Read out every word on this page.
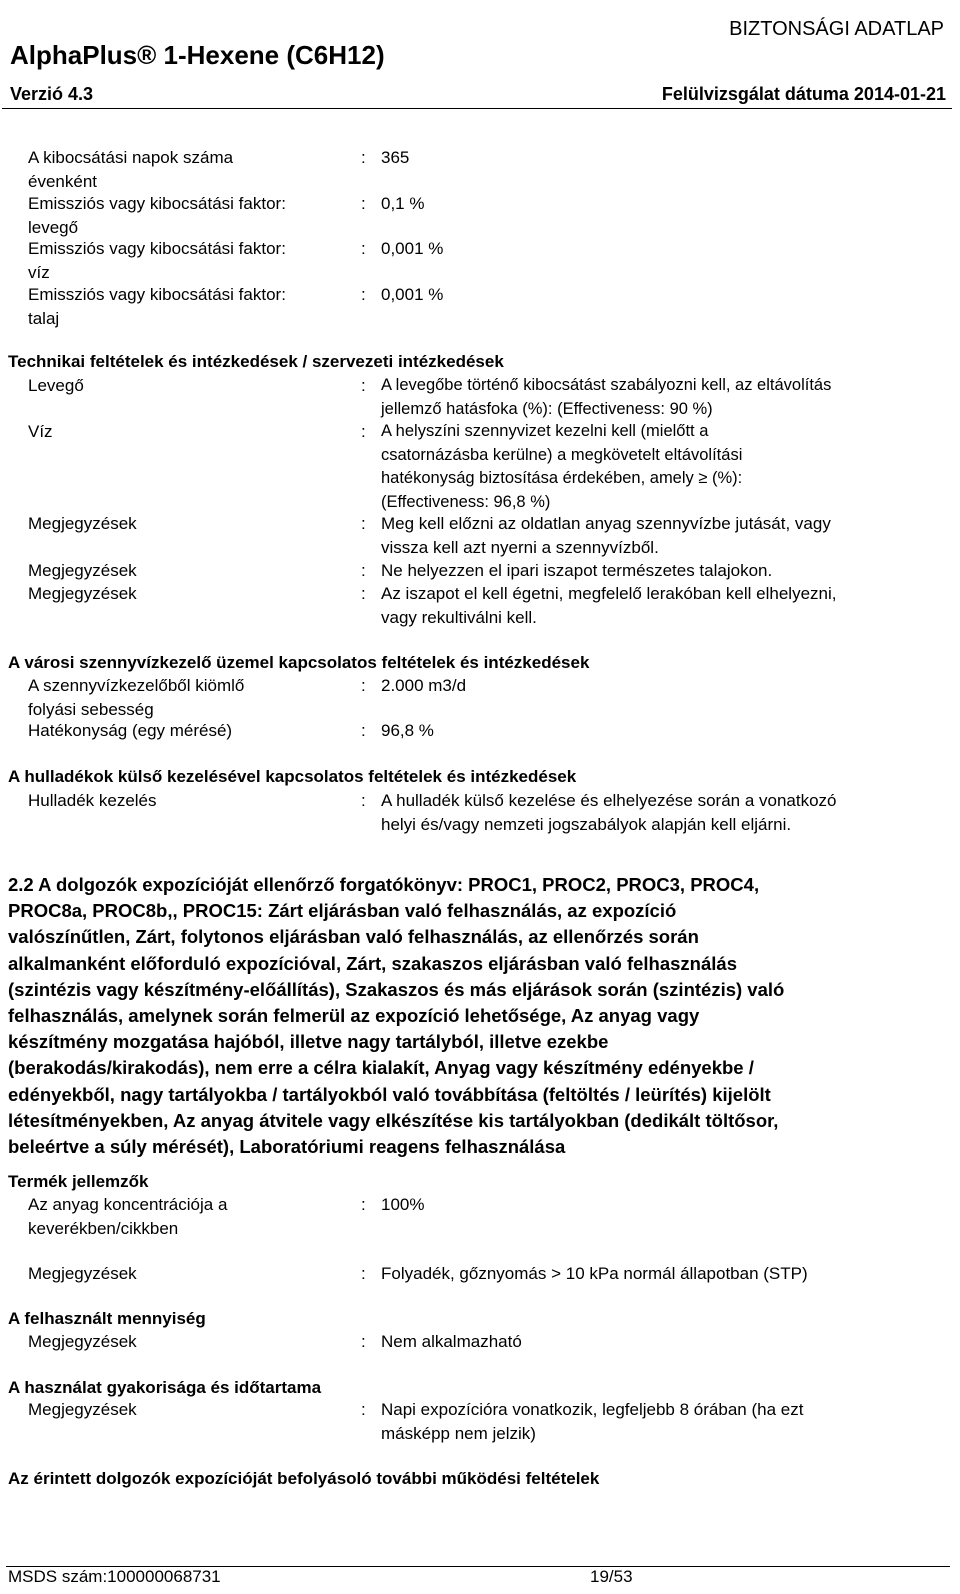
BIZTONSÁGI ADATLAP
AlphaPlus® 1-Hexene (C6H12)
Verzió 4.3	Felülvizsgálat dátuma 2014-01-21
A kibocsátási napok száma
évenként
: 365
Emissziós vagy kibocsátási faktor:
levegő
: 0,1 %
Emissziós vagy kibocsátási faktor:
víz
: 0,001 %
Emissziós vagy kibocsátási faktor:
talaj
: 0,001 %
Technikai feltételek és intézkedések / szervezeti intézkedések
Levegő	: A levegőbe történő kibocsátást szabályozni kell, az eltávolítás
jellemző hatásfoka (%): (Effectiveness: 90 %)
Víz	: A helyszíni szennyvizet kezelni kell (mielőtt a
csatornázásba kerülne) a megkövetelt eltávolítási
hatékonyság biztosítása érdekében, amely ≥ (%):
(Effectiveness: 96,8 %)
Megjegyzések	: Meg kell előzni az oldatlan anyag szennyvízbe jutását, vagy
vissza kell azt nyerni a szennyvízből.
Megjegyzések	: Ne helyezzen el ipari iszapot természetes talajokon.
Megjegyzések	: Az iszapot el kell égetni, megfelelő lerakóban kell elhelyezni,
vagy rekultiválni kell.
A városi szennyvízkezelő üzemel kapcsolatos feltételek és intézkedések
A szennyvízkezelőből kiömlő
folyási sebesség
: 2.000 m3/d
Hatékonyság (egy mérésé)	: 96,8 %
A hulladékok külső kezelésével kapcsolatos feltételek és intézkedések
Hulladék kezelés	: A hulladék külső kezelése és elhelyezése során a vonatkozó
helyi és/vagy nemzeti jogszabályok alapján kell eljárni.
2.2 A dolgozók expozícióját ellenőrző forgatókönyv: PROC1, PROC2, PROC3, PROC4,
PROC8a, PROC8b,, PROC15: Zárt eljárásban való felhasználás, az expozíció
valószínűtlen, Zárt, folytonos eljárásban való felhasználás, az ellenőrzés során
alkalmanként előforduló expozícióval, Zárt, szakaszos eljárásban való felhasználás
(szintézis vagy készítmény-előállítás), Szakaszos és más eljárások során (szintézis) való
felhasználás, amelynek során felmerül az expozíció lehetősége, Az anyag vagy
készítmény mozgatása hajóból, illetve nagy tartályból, illetve ezekbe
(berakodás/kirakodás), nem erre a célra kialakít, Anyag vagy készítmény edényekbe /
edényekből, nagy tartályokba / tartályokból való továbbítása (feltöltés / leürítés) kijelölt
létesítményekben, Az anyag átvitele vagy elkészítése kis tartályokban (dedikált töltősor,
beleértve a súly mérését), Laboratóriumi reagens felhasználása
Termék jellemzők
Az anyag koncentrációja a
keverékben/cikkben
: 100%
Megjegyzések	: Folyadék, gőznyomás > 10 kPa normál állapotban (STP)
A felhasznált mennyiség
Megjegyzések	: Nem alkalmazható
A használat gyakorisága és időtartama
Megjegyzések	: Napi expozícióra vonatkozik, legfeljebb 8 órában (ha ezt
másképp nem jelzik)
Az érintett dolgozók expozícióját befolyásoló további működési feltételek
MSDS szám:100000068731	19/53
